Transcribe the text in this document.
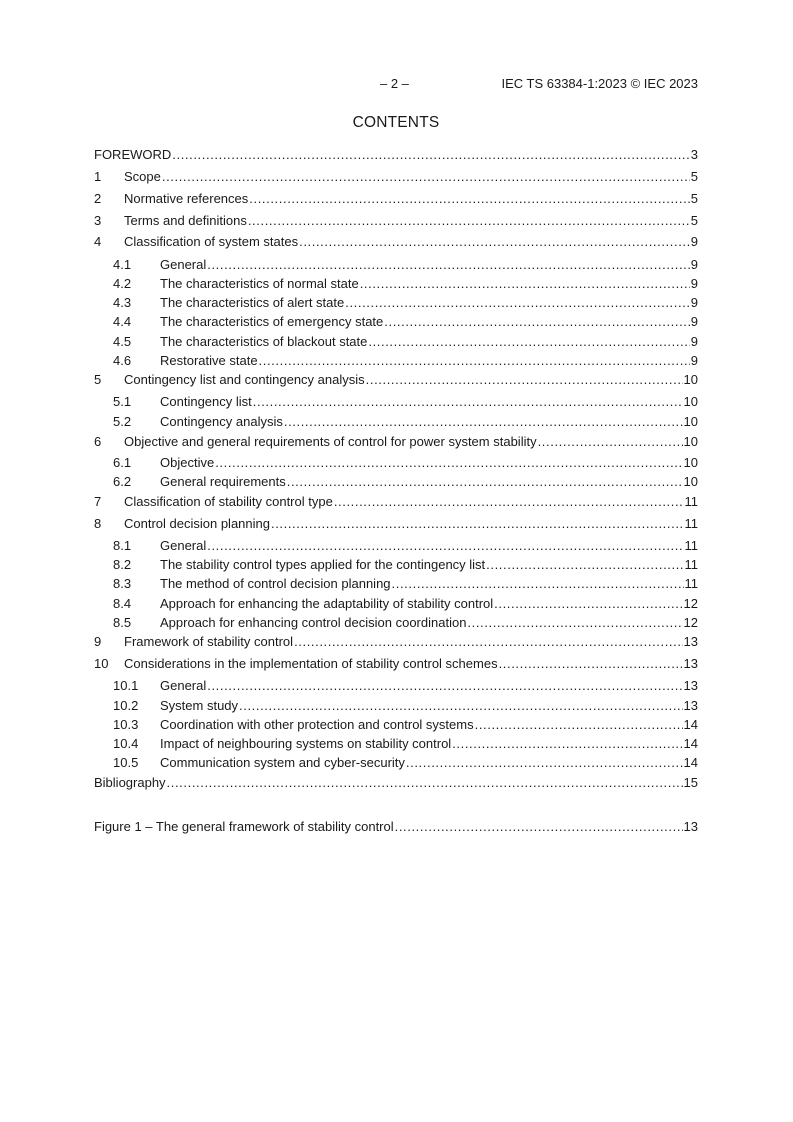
– 2 –	IEC TS 63384-1:2023 © IEC 2023
CONTENTS
FOREWORD .....	3
1	Scope .....	5
2	Normative references .....	5
3	Terms and definitions .....	5
4	Classification of system states .....	9
4.1	General .....	9
4.2	The characteristics of normal state .....	9
4.3	The characteristics of alert state .....	9
4.4	The characteristics of emergency state .....	9
4.5	The characteristics of blackout state .....	9
4.6	Restorative state .....	9
5	Contingency list and contingency analysis .....	10
5.1	Contingency list .....	10
5.2	Contingency analysis .....	10
6	Objective and general requirements of control for power system stability .....	10
6.1	Objective .....	10
6.2	General requirements .....	10
7	Classification of stability control type .....	11
8	Control decision planning .....	11
8.1	General .....	11
8.2	The stability control types applied for the contingency list .....	11
8.3	The method of control decision planning .....	11
8.4	Approach for enhancing the adaptability of stability control .....	12
8.5	Approach for enhancing control decision coordination .....	12
9	Framework of stability control .....	13
10	Considerations in the implementation of stability control schemes .....	13
10.1	General .....	13
10.2	System study .....	13
10.3	Coordination with other protection and control systems .....	14
10.4	Impact of neighbouring systems on stability control .....	14
10.5	Communication system and cyber-security .....	14
Bibliography .....	15
Figure 1 – The general framework of stability control .....	13
